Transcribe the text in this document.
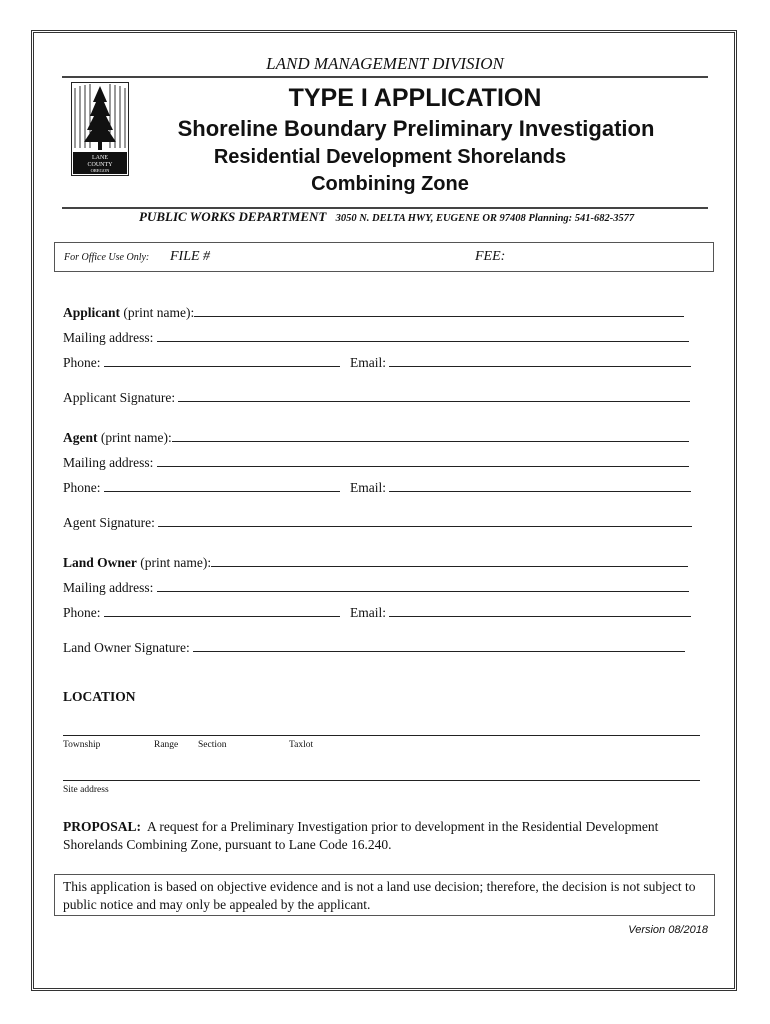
LAND MANAGEMENT DIVISION
LANE
COUNTY
OREGON
TYPE I APPLICATION
Shoreline Boundary Preliminary Investigation
Residential Development Shorelands
Combining Zone
PUBLIC WORKS DEPARTMENT 3050 N. DELTA HWY, EUGENE OR 97408 Planning: 541-682-3577
For Office Use Only: FILE #	FEE:
Applicant (print name):
Mailing address:
Phone:	Email:
Applicant Signature:
Agent (print name):
Mailing address:
Phone:	Email:
Agent Signature:
Land Owner (print name):
Mailing address:
Phone:	Email:
Land Owner Signature:
LOCATION
Township	Range Section	Taxlot
Site address
PROPOSAL: A request for a Preliminary Investigation prior to development in the Residential Development Shorelands Combining Zone, pursuant to Lane Code 16.240.
This application is based on objective evidence and is not a land use decision; therefore, the decision is not subject to public notice and may only be appealed by the applicant.
Version 08/2018
